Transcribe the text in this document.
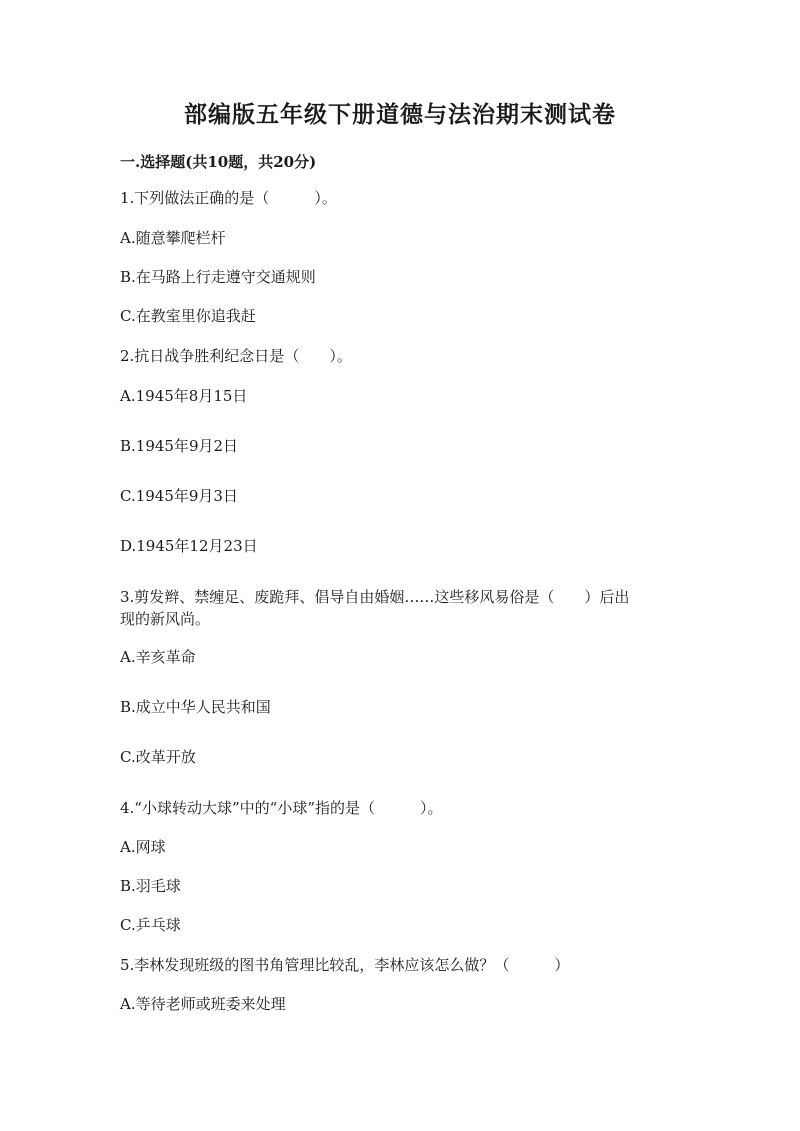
部编版五年级下册道德与法治期末测试卷
一.选择题(共10题，共20分)
1.下列做法正确的是（　　　）。
A.随意攀爬栏杆
B.在马路上行走遵守交通规则
C.在教室里你追我赶
2.抗日战争胜利纪念日是（　　）。
A.1945年8月15日
B.1945年9月2日
C.1945年9月3日
D.1945年12月23日
3.剪发辫、禁缠足、废跪拜、倡导自由婚姻……这些移风易俗是（　　）后出
现的新风尚。
A.辛亥革命
B.成立中华人民共和国
C.改革开放
4.“小球转动大球”中的“小球”指的是（　　　）。
A.网球
B.羽毛球
C.乒乓球
5.李林发现班级的图书角管理比较乱，李林应该怎么做？（　　　）
A.等待老师或班委来处理
